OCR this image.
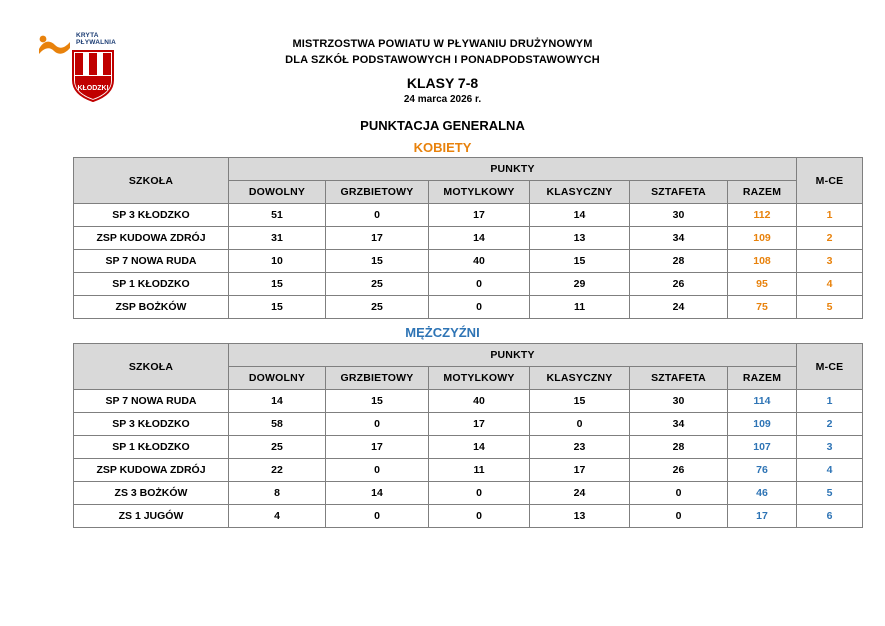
KRYTA
PŁYWALNIA
KŁODZKI
MISTRZOSTWA POWIATU W PŁYWANIU DRUŻYNOWYM
DLA SZKÓŁ PODSTAWOWYCH I PONADPODSTAWOWYCH
KLASY 7-8
24 marca 2026 r.
PUNKTACJA GENERALNA
KOBIETY
SZKOŁA	PUNKTY						M-CE
	DOWOLNY	GRZBIETOWY	MOTYLKOWY	KLASYCZNY	SZTAFETA	RAZEM	
SP 3 KŁODZKO	51	0	17	14	30	112	1
ZSP KUDOWA ZDRÓJ	31	17	14	13	34	109	2
SP 7 NOWA RUDA	10	15	40	15	28	108	3
SP 1 KŁODZKO	15	25	0	29	26	95	4
ZSP BOŻKÓW	15	25	0	11	24	75	5
MĘŻCZYŹNI
SZKOŁA	PUNKTY						M-CE
	DOWOLNY	GRZBIETOWY	MOTYLKOWY	KLASYCZNY	SZTAFETA	RAZEM	
SP 7 NOWA RUDA	14	15	40	15	30	114	1
SP 3 KŁODZKO	58	0	17	0	34	109	2
SP 1 KŁODZKO	25	17	14	23	28	107	3
ZSP KUDOWA ZDRÓJ	22	0	11	17	26	76	4
ZS 3 BOŻKÓW	8	14	0	24	0	46	5
ZS 1 JUGÓW	4	0	0	13	0	17	6
